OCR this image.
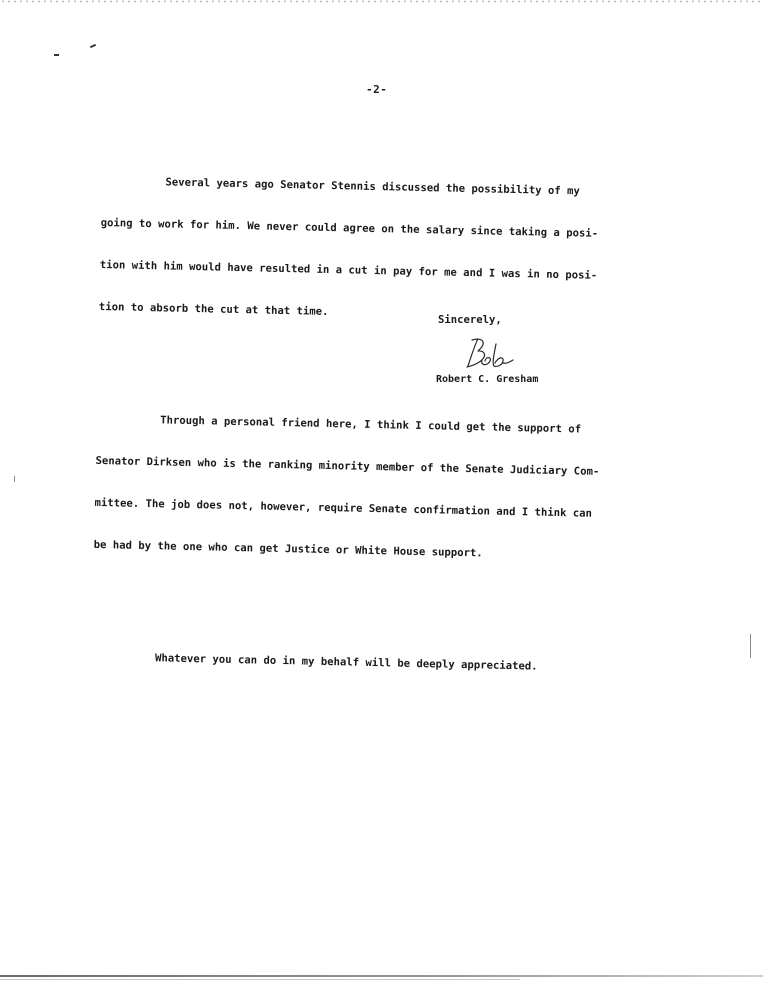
-2-

Several years ago Senator Stennis discussed the possibility of my

going to work for him. We never could agree on the salary since taking a posi-

tion with him would have resulted in a cut in pay for me and I was in no posi-

tion to absorb the cut at that time.

Through a personal friend here, I think I could get the support of

Senator Dirksen who is the ranking minority member of the Senate Judiciary Com-

mittee. The job does not, however, require Senate confirmation and I think can

be had by the one who can get Justice or White House support.

Whatever you can do in my behalf will be deeply appreciated.

Sincerely,
Robert C. Gresham
